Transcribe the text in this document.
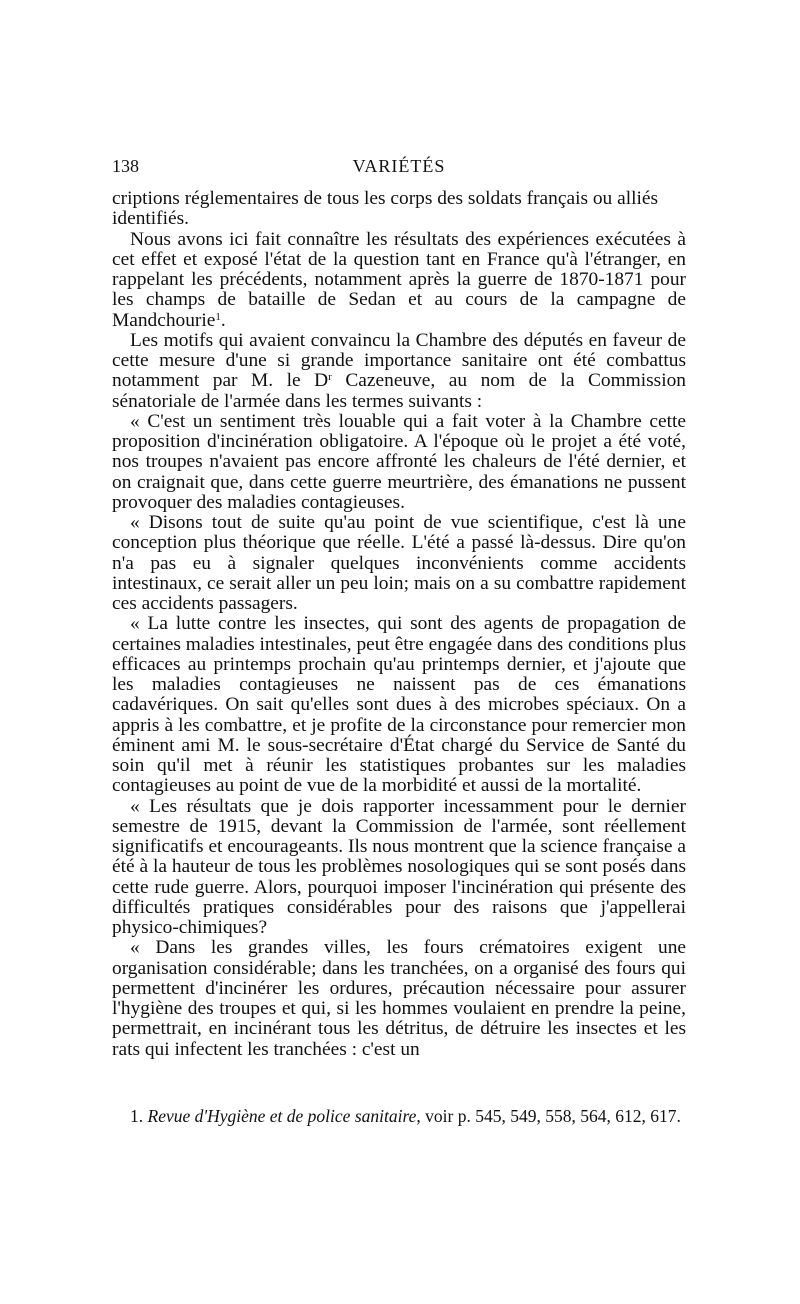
138	VARIÉTÉS

criptions réglementaires de tous les corps des soldats français ou alliés identifiés.

Nous avons ici fait connaître les résultats des expériences exécutées à cet effet et exposé l'état de la question tant en France qu'à l'étranger, en rappelant les précédents, notamment après la guerre de 1870-1871 pour les champs de bataille de Sedan et au cours de la campagne de Mandchourie$^1$.

Les motifs qui avaient convaincu la Chambre des députés en faveur de cette mesure d'une si grande importance sanitaire ont été combattus notamment par M. le $D^r$ Cazeneuve, au nom de la Commission sénatoriale de l'armée dans les termes suivants :

« C'est un sentiment très louable qui a fait voter à la Chambre cette proposition d'incinération obligatoire. A l'époque où le projet a été voté, nos troupes n'avaient pas encore affronté les chaleurs de l'été dernier, et on craignait que, dans cette guerre meurtrière, des émanations ne pussent provoquer des maladies contagieuses.

« Disons tout de suite qu'au point de vue scientifique, c'est là une conception plus théorique que réelle. L'été a passé là-dessus. Dire qu'on n'a pas eu à signaler quelques inconvénients comme accidents intestinaux, ce serait aller un peu loin; mais on a su combattre rapidement ces accidents passagers.

« La lutte contre les insectes, qui sont des agents de propagation de certaines maladies intestinales, peut être engagée dans des conditions plus efficaces au printemps prochain qu'au printemps dernier, et j'ajoute que les maladies contagieuses ne naissent pas de ces émanations cadavériques. On sait qu'elles sont dues à des microbes spéciaux. On a appris à les combattre, et je profite de la circonstance pour remercier mon éminent ami M. le sous-secrétaire d'État chargé du Service de Santé du soin qu'il met à réunir les statistiques probantes sur les maladies contagieuses au point de vue de la morbidité et aussi de la mortalité.

« Les résultats que je dois rapporter incessamment pour le dernier semestre de 1915, devant la Commission de l'armée, sont réellement significatifs et encourageants. Ils nous montrent que la science française a été à la hauteur de tous les problèmes nosologiques qui se sont posés dans cette rude guerre. Alors, pourquoi imposer l'incinération qui présente des difficultés pratiques considérables pour des raisons que j'appellerai physico-chimiques?

« Dans les grandes villes, les fours crématoires exigent une organisation considérable; dans les tranchées, on a organisé des fours qui permettent d'incinérer les ordures, précaution nécessaire pour assurer l'hygiène des troupes et qui, si les hommes voulaient en prendre la peine, permettrait, en incinérant tous les détritus, de détruire les insectes et les rats qui infectent les tranchées : c'est un

1. Revue d'Hygiène et de police sanitaire, voir p. 545, 549, 558, 564, 612, 617.
